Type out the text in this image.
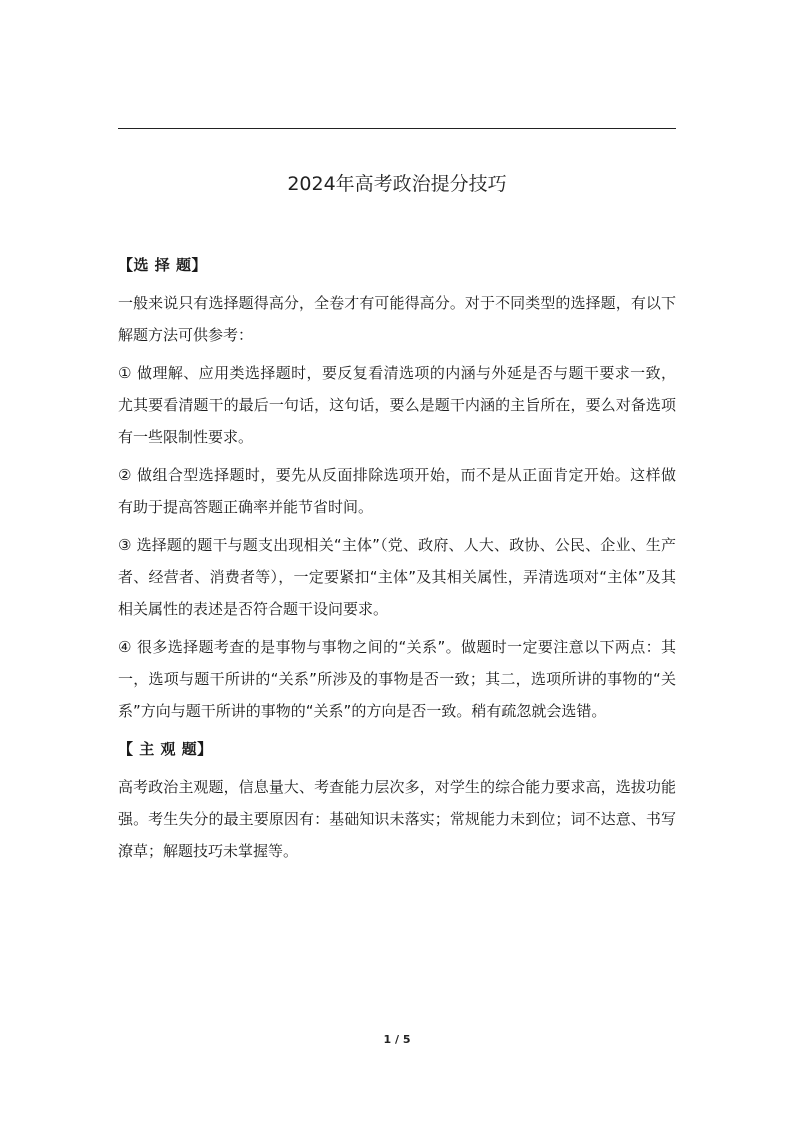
2024年高考政治提分技巧
【选 择 题】

一般来说只有选择题得高分，全卷才有可能得高分。对于不同类型的选择题，有以下解题方法可供参考：

① 做理解、应用类选择题时，要反复看清选项的内涵与外延是否与题干要求一致，尤其要看清题干的最后一句话，这句话，要么是题干内涵的主旨所在，要么对备选项有一些限制性要求。

② 做组合型选择题时，要先从反面排除选项开始，而不是从正面肯定开始。这样做有助于提高答题正确率并能节省时间。

③ 选择题的题干与题支出现相关“主体”（党、政府、人大、政协、公民、企业、生产者、经营者、消费者等），一定要紧扣“主体”及其相关属性，弄清选项对“主体”及其相关属性的表述是否符合题干设问要求。

④ 很多选择题考查的是事物与事物之间的“关系”。做题时一定要注意以下两点：其一，选项与题干所讲的“关系”所涉及的事物是否一致；其二，选项所讲的事物的“关系”方向与题干所讲的事物的“关系”的方向是否一致。稍有疏忽就会选错。

【 主 观 题】

高考政治主观题，信息量大、考查能力层次多，对学生的综合能力要求高，选拔功能强。考生失分的最主要原因有：基础知识未落实；常规能力未到位；词不达意、书写潦草；解题技巧未掌握等。

1 / 5
